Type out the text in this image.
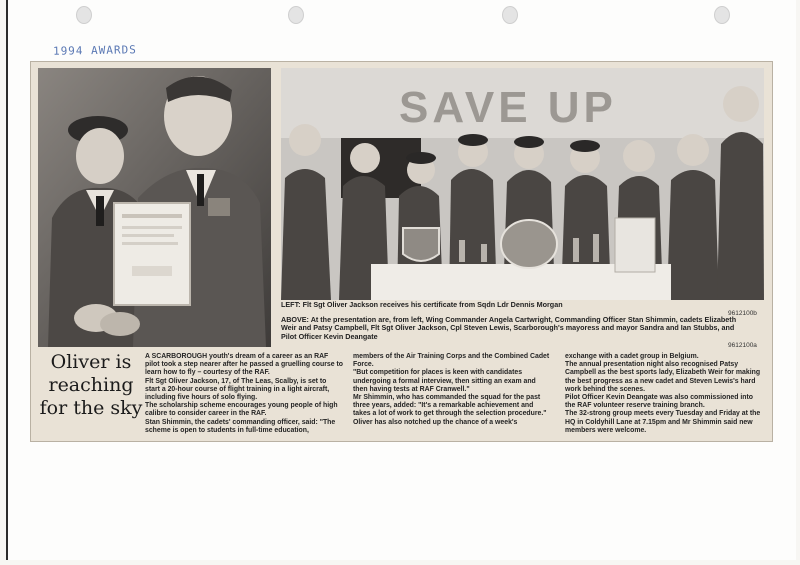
1994 AWARDS
SAVE UP
LEFT: Flt Sgt Oliver Jackson receives his certificate from Sqdn Ldr Dennis Morgan
9612100b
ABOVE: At the presentation are, from left, Wing Commander Angela Cartwright, Commanding Officer Stan Shimmin, cadets Elizabeth Weir and Patsy Campbell, Flt Sgt Oliver Jackson, Cpl Steven Lewis, Scarborough's mayoress and mayor Sandra and Ian Stubbs, and Pilot Officer Kevin Deangate
9612100a
Oliver is reaching for the sky

A SCARBOROUGH youth's dream of a career as an RAF pilot took a step nearer after he passed a gruelling course to learn how to fly – courtesy of the RAF.

Flt Sgt Oliver Jackson, 17, of The Leas, Scalby, is set to start a 20-hour course of flight training in a light aircraft, including five hours of solo flying.

The scholarship scheme encourages young people of high calibre to consider career in the RAF.

Stan Shimmin, the cadets' commanding officer, said: "The scheme is open to students in full-time education,

members of the Air Training Corps and the Combined Cadet Force.

"But competition for places is keen with candidates undergoing a formal interview, then sitting an exam and then having tests at RAF Cranwell."

Mr Shimmin, who has commanded the squad for the past three years, added: "It's a remarkable achievement and takes a lot of work to get through the selection procedure."

Oliver has also notched up the chance of a week's

exchange with a cadet group in Belgium.

The annual presentation night also recognised Patsy Campbell as the best sports lady, Elizabeth Weir for making the best progress as a new cadet and Steven Lewis's hard work behind the scenes.

Pilot Officer Kevin Deangate was also commissioned into the RAF volunteer reserve training branch.

The 32-strong group meets every Tuesday and Friday at the HQ in Coldyhill Lane at 7.15pm and Mr Shimmin said new members were welcome.
